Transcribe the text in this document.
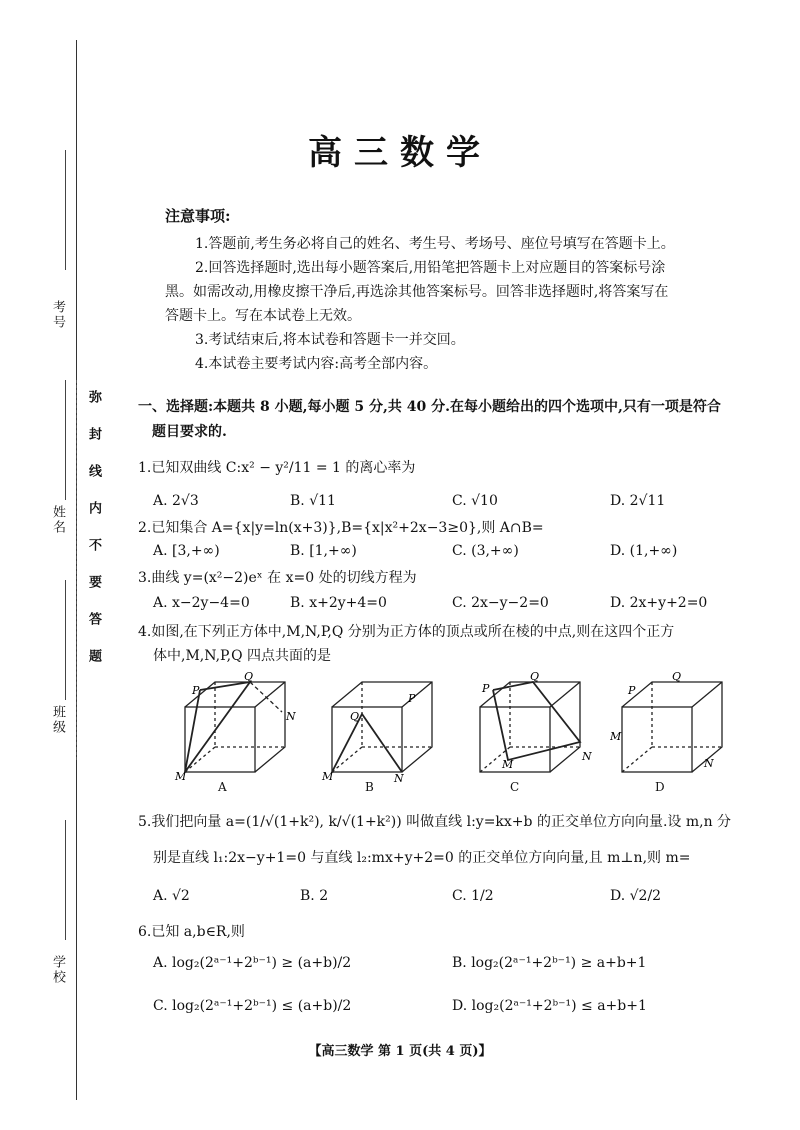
考号
姓名
班级
学校
弥封线内不要答题
高三数学
注意事项:
1.答题前,考生务必将自己的姓名、考生号、考场号、座位号填写在答题卡上。
2.回答选择题时,选出每小题答案后,用铅笔把答题卡上对应题目的答案标号涂
黑。如需改动,用橡皮擦干净后,再选涂其他答案标号。回答非选择题时,将答案写在
答题卡上。写在本试卷上无效。
3.考试结束后,将本试卷和答题卡一并交回。
4.本试卷主要考试内容:高考全部内容。
一、选择题:本题共 8 小题,每小题 5 分,共 40 分.在每小题给出的四个选项中,只有一项是符合
题目要求的.
1.已知双曲线 C:x² − y²/11 = 1 的离心率为
A. 2√3	B. √11	C. √10	D. 2√11
2.已知集合 A={x|y=ln(x+3)},B={x|x²+2x−3≥0},则 A∩B=
A. [3,+∞)	B. [1,+∞)	C. (3,+∞)	D. (1,+∞)
3.曲线 y=(x²−2)eˣ 在 x=0 处的切线方程为
A. x−2y−4=0	B. x+2y+4=0	C. 2x−y−2=0	D. 2x+y+2=0
4.如图,在下列正方体中,M,N,P,Q 分别为正方体的顶点或所在棱的中点,则在这四个正方
体中,M,N,P,Q 四点共面的是
P
Q
N
M
Q
P
M	N
P
Q
N
M
P
Q
M
N
A	B	C	D
5.我们把向量 a=(1/√(1+k²), k/√(1+k²)) 叫做直线 l:y=kx+b 的正交单位方向向量.设 m,n 分
别是直线 l₁:2x−y+1=0 与直线 l₂:mx+y+2=0 的正交单位方向向量,且 m⊥n,则 m=
A. √2	B. 2	C. 1/2	D. √2/2
6.已知 a,b∈R,则
A. log₂(2ᵃ⁻¹+2ᵇ⁻¹) ≥ (a+b)/2	B. log₂(2ᵃ⁻¹+2ᵇ⁻¹) ≥ a+b+1
C. log₂(2ᵃ⁻¹+2ᵇ⁻¹) ≤ (a+b)/2	D. log₂(2ᵃ⁻¹+2ᵇ⁻¹) ≤ a+b+1
【高三数学 第 1 页(共 4 页)】
